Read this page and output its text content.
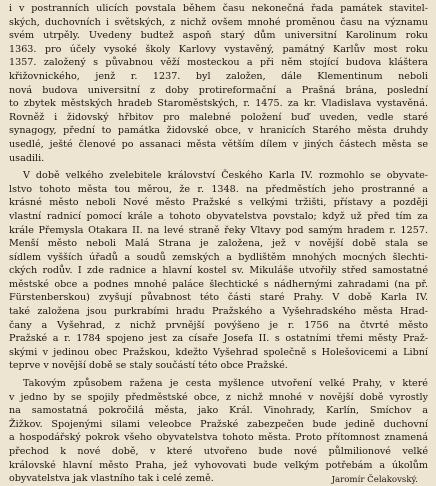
i v postranních ulicích povstala během času nekonečná řada památek stavitel-
ských, duchovních i světských, z nichž ovšem mnohé proměnou času na významu
svém utrpěly. Uvedeny budtež aspoň starý dům universitní Karolinum roku
1363. pro účely vysoké školy Karlovy vystavěný, památný Karlův most roku
1357. založený s půvabnou věží mosteckou a při něm stojící budova kláštera
křižovnického, jenž r. 1237. byl založen, dále Klementinum neboli
nová budova universitní z doby protireformační a Prašná brána, poslední
to zbytek městských hradeb Staroměstských, r. 1475. za kr. Vladislava vystavěná.
Rovněž i židovský hřbitov pro malebné položení buď uveden, vedle staré
synagogy, přední to památka židovské obce, v hranicích Starého města druhdy
usedlé, ješté členové po assanaci města větším dílem v jiných částech města se
usadili.

V době velkého zvelebitele království Českého Karla IV. rozmohlo se obyvate-
lstvo tohoto města tou měrou, že r. 1348. na předměstích jeho prostranné a
krásné město neboli Nové město Pražské s velkými tržišti, přístavy a později
vlastní radnicí pomocí krále a tohoto obyvatelstva povstalo; když už před tím za
krále Přemysla Otakara II. na levé straně řeky Vltavy pod samým hradem r. 1257.
Menší město neboli Malá Strana je založena, jež v novější době stala se
sídlem vyšších úřadů a soudů zemských a bydlištěm mnohých mocných šlechti-
ckých rodův. I zde radnice a hlavní kostel sv. Mikuláše utvořily střed samostatné
městské obce a podnes mnohé paláce šlechtické s nádhernými zahradami (na př.
Fürstenberskou) zvyšují půvabnost této části staré Prahy. V době Karla IV.
také založena jsou purkrabími hradu Pražského a Vyšehradského města Hrad-
čany a Vyšehrad, z nichž prvnější povýšeno je r. 1756 na čtvrté město
Pražské a r. 1784 spojeno jest za císaře Josefa II. s ostatními třemi městy Praž-
skými v jedinou obec Pražskou, kdežto Vyšehrad společně s Holešovicemi a Libní
teprve v novější době se staly součástí této obce Pražské.

Takovým způsobem ražena je cesta myšlence utvoření velké Prahy, v které
v jedno by se spojily předměstské obce, z nichž mnohé v novější době vyrostly
na samostatná pokročilá města, jako Král. Vinohrady, Karlín, Smíchov a
Žižkov. Spojenými silami veleobce Pražské zabezpečen bude jedině duchovní
a hospodářský pokrok všeho obyvatelstva tohoto města. Proto přítomnost znamená
přechod k nové době, v které utvořeno bude nové půlmilionové velké
královské hlavní město Praha, jež vyhovovati bude velkým potřebám a úkolům
obyvatelstva jak vlastního tak i celé země.	Jaromír Čelakovský.
